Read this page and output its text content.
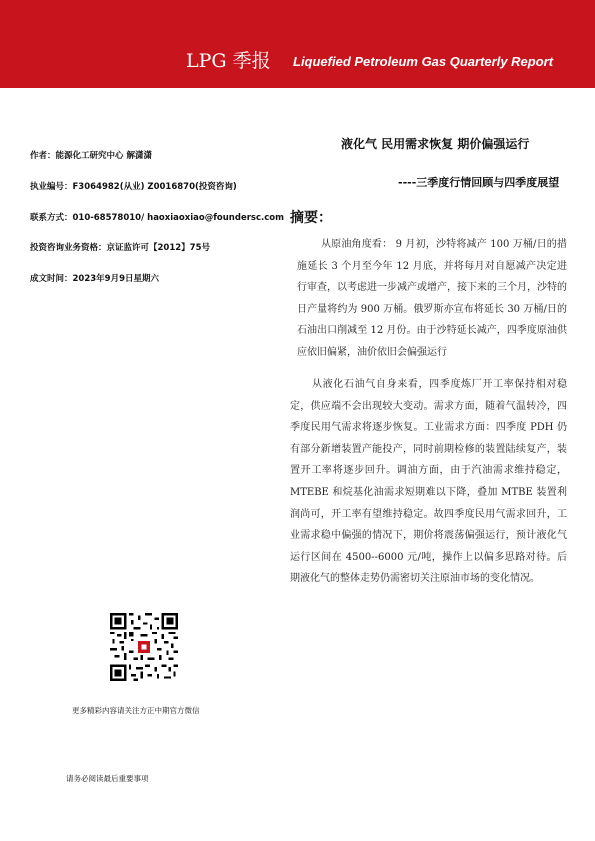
LPG 季报 Liquefied Petroleum Gas Quarterly Report
作者：能源化工研究中心 解潇潇
执业编号：F3064982(从业) Z0016870(投资咨询)
联系方式：010-68578010/ haoxiaoxiao@foundersc.com
投资咨询业务资格：京证监许可【2012】75号
成文时间：2023年9月9日星期六
液化气 民用需求恢复 期价偏强运行
----三季度行情回顾与四季度展望
摘要：

从原油角度看： 9 月初，沙特将减产 100 万桶/日的措施延长 3 个月至今年 12 月底，并将每月对自愿减产决定进行审查，以考虑进一步减产或增产，接下来的三个月，沙特的日产量将约为 900 万桶。俄罗斯亦宣布将延长 30 万桶/日的石油出口削减至 12 月份。由于沙特延长减产，四季度原油供应依旧偏紧，油价依旧会偏强运行

从液化石油气自身来看，四季度炼厂开工率保持相对稳定，供应端不会出现较大变动。需求方面，随着气温转冷，四季度民用气需求将逐步恢复。工业需求方面：四季度 PDH 仍有部分新增装置产能投产，同时前期检修的装置陆续复产，装置开工率将逐步回升。调油方面，由于汽油需求维持稳定，MTEBE 和烷基化油需求短期难以下降，叠加 MTBE 装置利润尚可，开工率有望维持稳定。故四季度民用气需求回升，工业需求稳中偏强的情况下，期价将震荡偏强运行，预计液化气运行区间在 4500--6000 元/吨，操作上以偏多思路对待。后期液化气的整体走势仍需密切关注原油市场的变化情况。

更多精彩内容请关注方正中期官方微信
请务必阅读最后重要事项
